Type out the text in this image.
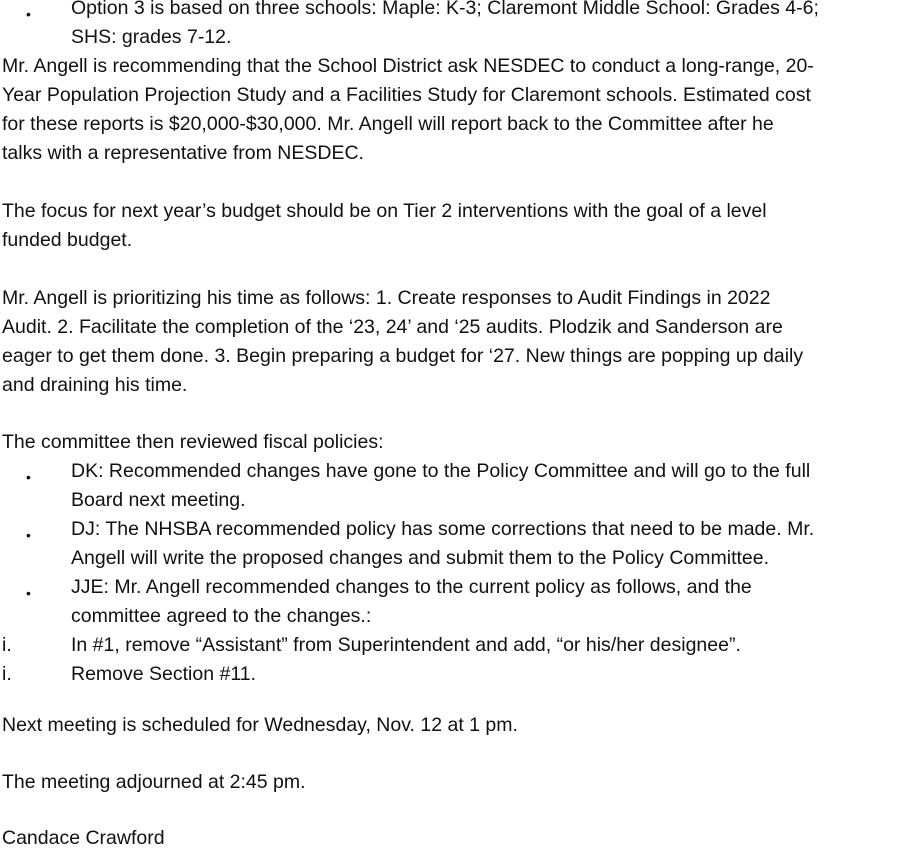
• Option 3 is based on three schools: Maple: K-3; Claremont Middle School: Grades 4-6;
SHS: grades 7-12.
Mr. Angell is recommending that the School District ask NESDEC to conduct a long-range, 20-
Year Population Projection Study and a Facilities Study for Claremont schools. Estimated cost
for these reports is $20,000-$30,000. Mr. Angell will report back to the Committee after he
talks with a representative from NESDEC.
The focus for next year’s budget should be on Tier 2 interventions with the goal of a level
funded budget.
Mr. Angell is prioritizing his time as follows: 1. Create responses to Audit Findings in 2022
Audit. 2. Facilitate the completion of the ‘23, 24’ and ‘25 audits. Plodzik and Sanderson are
eager to get them done. 3. Begin preparing a budget for ‘27. New things are popping up daily
and draining his time.
The committee then reviewed fiscal policies:
• DK: Recommended changes have gone to the Policy Committee and will go to the full
Board next meeting.
• DJ: The NHSBA recommended policy has some corrections that need to be made. Mr.
Angell will write the proposed changes and submit them to the Policy Committee.
• JJE: Mr. Angell recommended changes to the current policy as follows, and the
committee agreed to the changes.:
i.	In #1, remove “Assistant” from Superintendent and add, “or his/her designee”.
i.	Remove Section #11.
Next meeting is scheduled for Wednesday, Nov. 12 at 1 pm.
The meeting adjourned at 2:45 pm.
Candace Crawford
